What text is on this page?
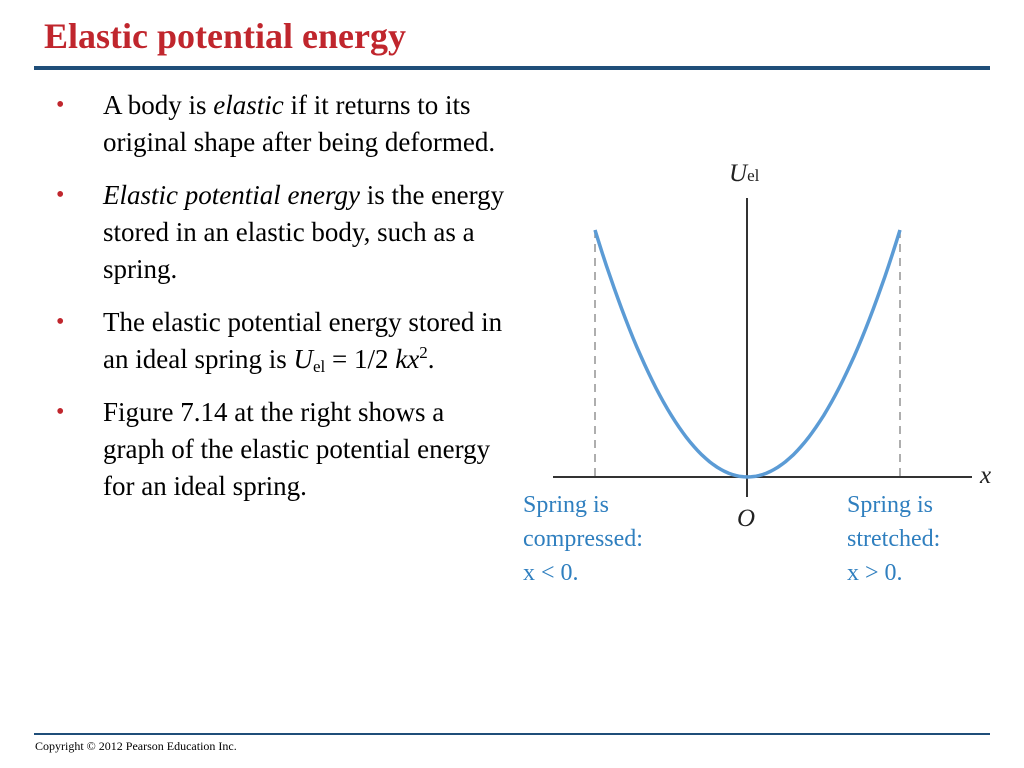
Elastic potential energy
• A body is elastic if it returns to its original shape after being deformed.
• Elastic potential energy is the energy stored in an elastic body, such as a spring.
• The elastic potential energy stored in an ideal spring is $U_{el} = 1/2$ $kx^2$.
• Figure 7.14 at the right shows a graph of the elastic potential energy for an ideal spring.
Uel
x
O
Spring is
compressed:
x < 0.
Spring is
stretched:
x > 0.
Copyright © 2012 Pearson Education Inc.
